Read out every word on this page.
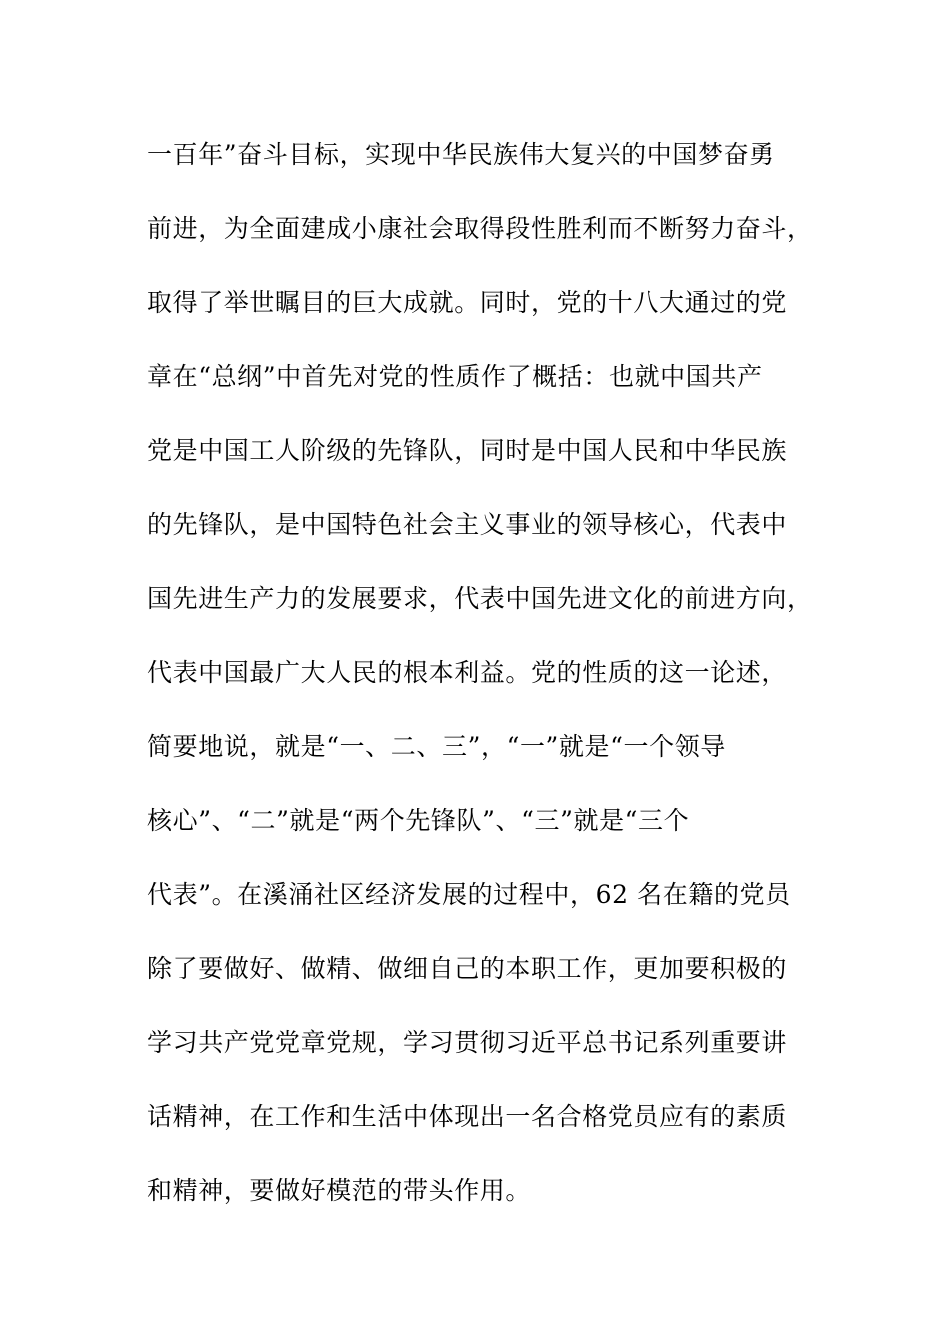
一百年”奋斗目标，实现中华民族伟大复兴的中国梦奋勇
前进，为全面建成小康社会取得段性胜利而不断努力奋斗，
取得了举世瞩目的巨大成就。同时，党的十八大通过的党
章在“总纲”中首先对党的性质作了概括：也就中国共产
党是中国工人阶级的先锋队，同时是中国人民和中华民族
的先锋队，是中国特色社会主义事业的领导核心，代表中
国先进生产力的发展要求，代表中国先进文化的前进方向，
代表中国最广大人民的根本利益。党的性质的这一论述，
简要地说，就是“一、二、三”，“一”就是“一个领导
核心”、“二”就是“两个先锋队”、“三”就是“三个
代表”。在溪涌社区经济发展的过程中，62 名在籍的党员
除了要做好、做精、做细自己的本职工作，更加要积极的
学习共产党党章党规，学习贯彻习近平总书记系列重要讲
话精神，在工作和生活中体现出一名合格党员应有的素质
和精神，要做好模范的带头作用。
